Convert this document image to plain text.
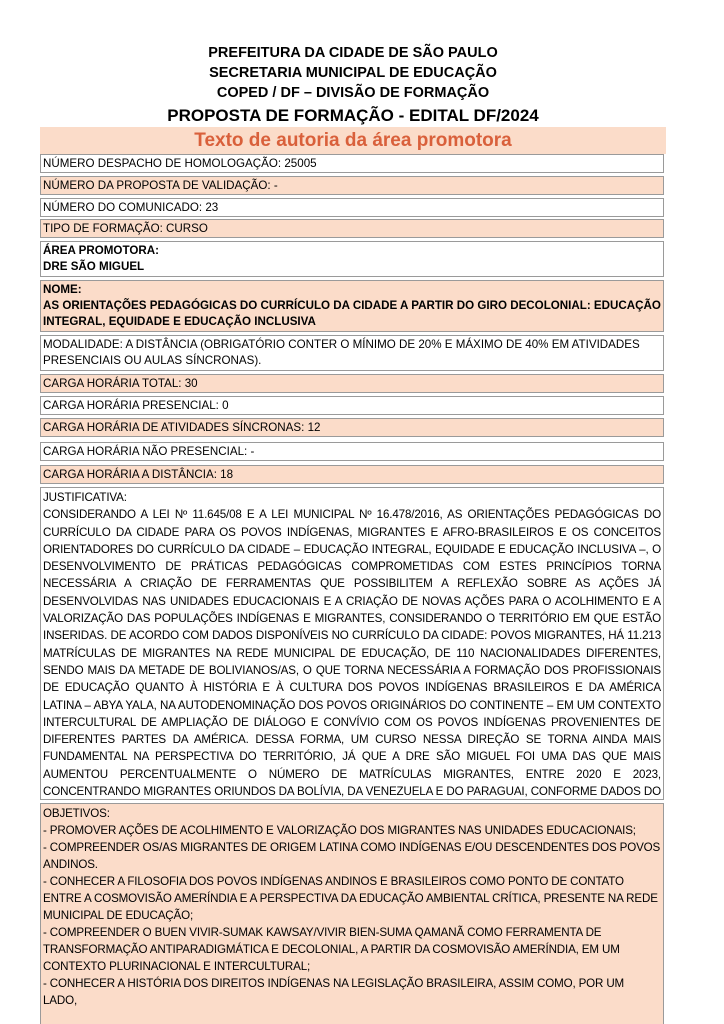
PREFEITURA DA CIDADE DE SÃO PAULO
SECRETARIA MUNICIPAL DE EDUCAÇÃO
COPED / DF – DIVISÃO DE FORMAÇÃO
PROPOSTA DE FORMAÇÃO - EDITAL DF/2024
Texto de autoria da área promotora
NÚMERO DESPACHO DE HOMOLOGAÇÃO: 25005
NÚMERO DA PROPOSTA DE VALIDAÇÃO: -
NÚMERO DO COMUNICADO: 23
TIPO DE FORMAÇÃO: CURSO
ÁREA PROMOTORA:
DRE SÃO MIGUEL
NOME:
AS ORIENTAÇÕES PEDAGÓGICAS DO CURRÍCULO DA CIDADE A PARTIR DO GIRO DECOLONIAL: EDUCAÇÃO INTEGRAL, EQUIDADE E EDUCAÇÃO INCLUSIVA
MODALIDADE: A DISTÂNCIA (OBRIGATÓRIO CONTER O MÍNIMO DE 20% E MÁXIMO DE 40% EM ATIVIDADES PRESENCIAIS OU AULAS SÍNCRONAS).
CARGA HORÁRIA TOTAL: 30
CARGA HORÁRIA PRESENCIAL: 0
CARGA HORÁRIA DE ATIVIDADES SÍNCRONAS: 12
CARGA HORÁRIA NÃO PRESENCIAL: -
CARGA HORÁRIA A DISTÂNCIA: 18
JUSTIFICATIVA:
CONSIDERANDO A LEI Nº 11.645/08 E A LEI MUNICIPAL Nº 16.478/2016, AS ORIENTAÇÕES PEDAGÓGICAS DO CURRÍCULO DA CIDADE PARA OS POVOS INDÍGENAS, MIGRANTES E AFRO-BRASILEIROS E OS CONCEITOS ORIENTADORES DO CURRÍCULO DA CIDADE – EDUCAÇÃO INTEGRAL, EQUIDADE E EDUCAÇÃO INCLUSIVA –, O DESENVOLVIMENTO DE PRÁTICAS PEDAGÓGICAS COMPROMETIDAS COM ESTES PRINCÍPIOS TORNA NECESSÁRIA A CRIAÇÃO DE FERRAMENTAS QUE POSSIBILITEM A REFLEXÃO SOBRE AS AÇÕES JÁ DESENVOLVIDAS NAS UNIDADES EDUCACIONAIS E A CRIAÇÃO DE NOVAS AÇÕES PARA O ACOLHIMENTO E A VALORIZAÇÃO DAS POPULAÇÕES INDÍGENAS E MIGRANTES, CONSIDERANDO O TERRITÓRIO EM QUE ESTÃO INSERIDAS. DE ACORDO COM DADOS DISPONÍVEIS NO CURRÍCULO DA CIDADE: POVOS MIGRANTES, HÁ 11.213 MATRÍCULAS DE MIGRANTES NA REDE MUNICIPAL DE EDUCAÇÃO, DE 110 NACIONALIDADES DIFERENTES, SENDO MAIS DA METADE DE BOLIVIANOS/AS, O QUE TORNA NECESSÁRIA A FORMAÇÃO DOS PROFISSIONAIS DE EDUCAÇÃO QUANTO À HISTÓRIA E À CULTURA DOS POVOS INDÍGENAS BRASILEIROS E DA AMÉRICA LATINA – ABYA YALA, NA AUTODENOMINAÇÃO DOS POVOS ORIGINÁRIOS DO CONTINENTE – EM UM CONTEXTO INTERCULTURAL DE AMPLIAÇÃO DE DIÁLOGO E CONVÍVIO COM OS POVOS INDÍGENAS PROVENIENTES DE DIFERENTES PARTES DA AMÉRICA. DESSA FORMA, UM CURSO NESSA DIREÇÃO SE TORNA AINDA MAIS FUNDAMENTAL NA PERSPECTIVA DO TERRITÓRIO, JÁ QUE A DRE SÃO MIGUEL FOI UMA DAS QUE MAIS AUMENTOU PERCENTUALMENTE O NÚMERO DE MATRÍCULAS MIGRANTES, ENTRE 2020 E 2023, CONCENTRANDO MIGRANTES ORIUNDOS DA BOLÍVIA, DA VENEZUELA E DO PARAGUAI, CONFORME DADOS DO
OBJETIVOS:
- PROMOVER AÇÕES DE ACOLHIMENTO E VALORIZAÇÃO DOS MIGRANTES NAS UNIDADES EDUCACIONAIS;
- COMPREENDER OS/AS MIGRANTES DE ORIGEM LATINA COMO INDÍGENAS E/OU DESCENDENTES DOS POVOS ANDINOS.
- CONHECER A FILOSOFIA DOS POVOS INDÍGENAS ANDINOS E BRASILEIROS COMO PONTO DE CONTATO ENTRE A COSMOVISÃO AMERÍNDIA E A PERSPECTIVA DA EDUCAÇÃO AMBIENTAL CRÍTICA, PRESENTE NA REDE MUNICIPAL DE EDUCAÇÃO;
- COMPREENDER O BUEN VIVIR-SUMAK KAWSAY/VIVIR BIEN-SUMA QAMANÃ COMO FERRAMENTA DE TRANSFORMAÇÃO ANTIPARADIGMÁTICA E DECOLONIAL, A PARTIR DA COSMOVISÃO AMERÍNDIA, EM UM CONTEXTO PLURINACIONAL E INTERCULTURAL;
- CONHECER A HISTÓRIA DOS DIREITOS INDÍGENAS NA LEGISLAÇÃO BRASILEIRA, ASSIM COMO, POR UM LADO,
